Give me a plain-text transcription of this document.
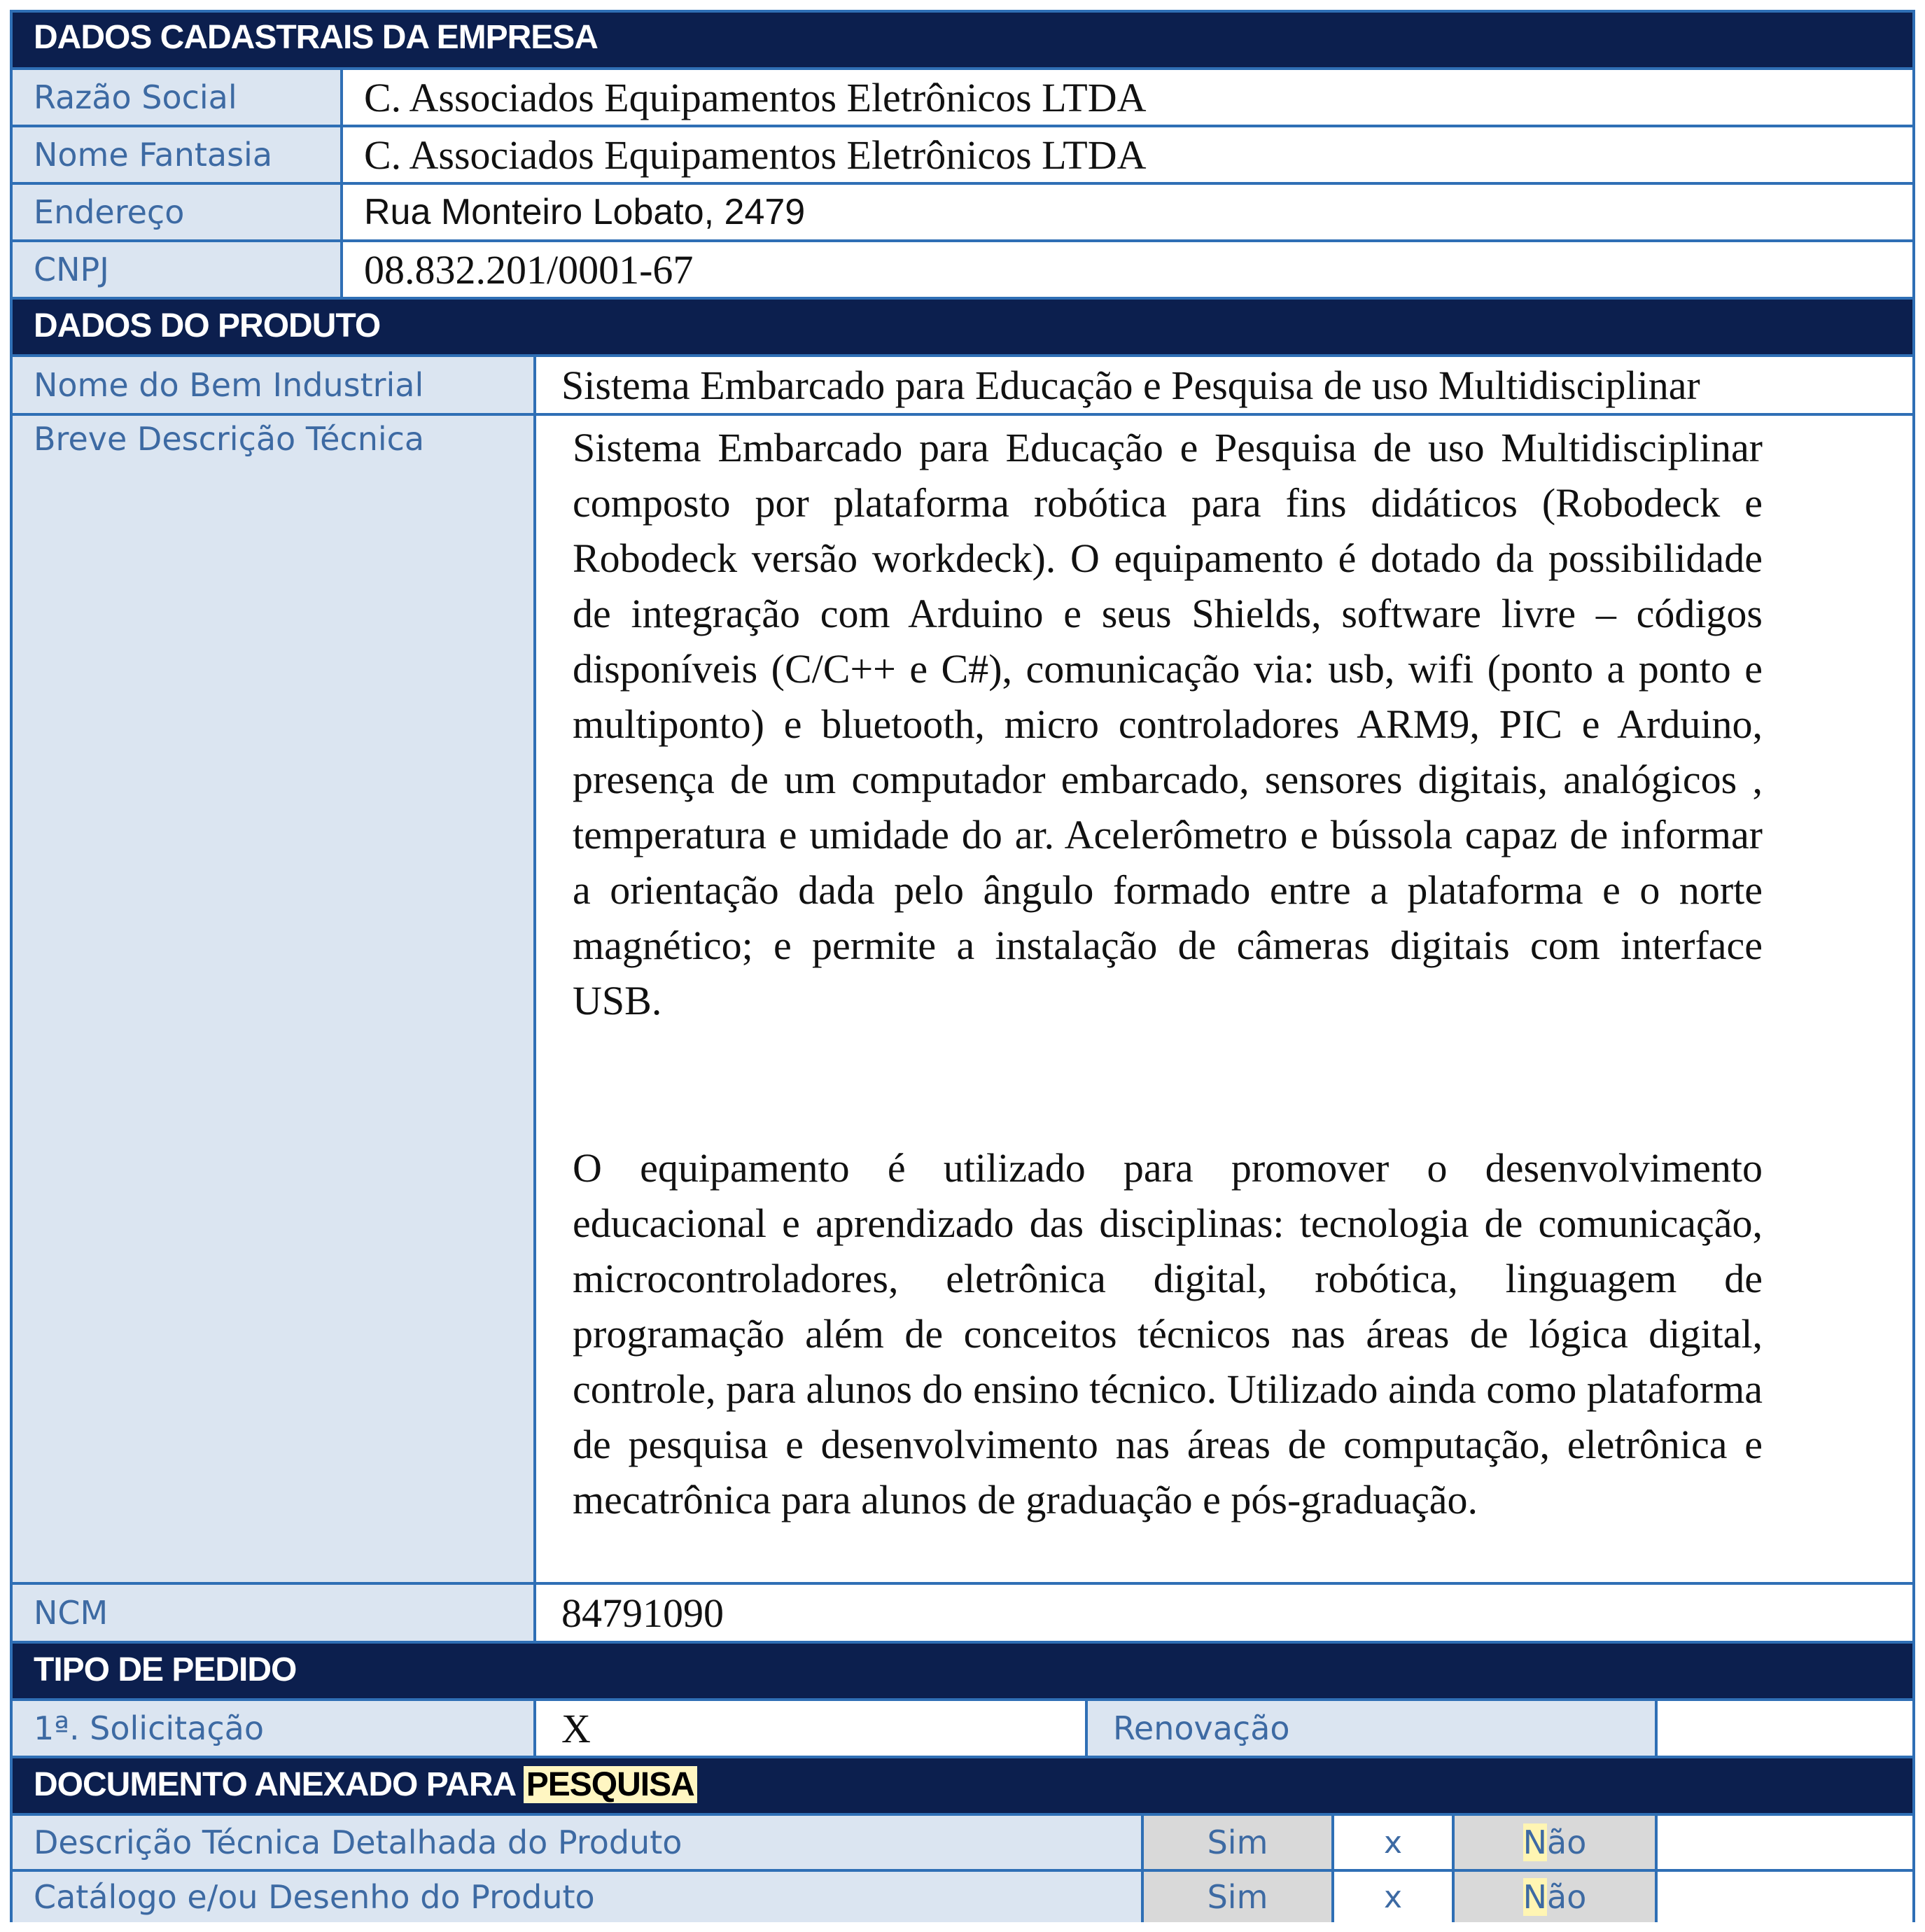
DADOS CADASTRAIS DA EMPRESA
Razão Social	C. Associados Equipamentos Eletrônicos LTDA
Nome Fantasia	C. Associados Equipamentos Eletrônicos LTDA
Endereço	Rua Monteiro Lobato, 2479
CNPJ	08.832.201/0001-67
DADOS DO PRODUTO
Nome do Bem Industrial	Sistema Embarcado para Educação e Pesquisa de uso Multidisciplinar
Breve Descrição Técnica	Sistema Embarcado para Educação e Pesquisa de uso Multidisciplinar composto por plataforma robótica para fins didáticos (Robodeck e Robodeck versão workdeck). O equipamento é dotado da possibilidade de integração com Arduino e seus Shields, software livre – códigos disponíveis (C/C++ e C#), comunicação via: usb, wifi (ponto a ponto e multiponto) e bluetooth, micro controladores ARM9, PIC e Arduino, presença de um computador embarcado, sensores digitais, analógicos , temperatura e umidade do ar. Acelerômetro e bússola capaz de informar a orientação dada pelo ângulo formado entre a plataforma e o norte magnético; e permite a instalação de câmeras digitais com interface USB.
O equipamento é utilizado para promover o desenvolvimento educacional e aprendizado das disciplinas: tecnologia de comunicação, microcontroladores, eletrônica digital, robótica, linguagem de programação além de conceitos técnicos nas áreas de lógica digital, controle, para alunos do ensino técnico. Utilizado ainda como plataforma de pesquisa e desenvolvimento nas áreas de computação, eletrônica e mecatrônica para alunos de graduação e pós-graduação.
NCM	84791090
TIPO DE PEDIDO
1ª. Solicitação	X	Renovação
DOCUMENTO ANEXADO PARA PESQUISA
Descrição Técnica Detalhada do Produto	Sim	x	N ão
Catálogo e/ou Desenho do Produto	Sim	x	N ão
